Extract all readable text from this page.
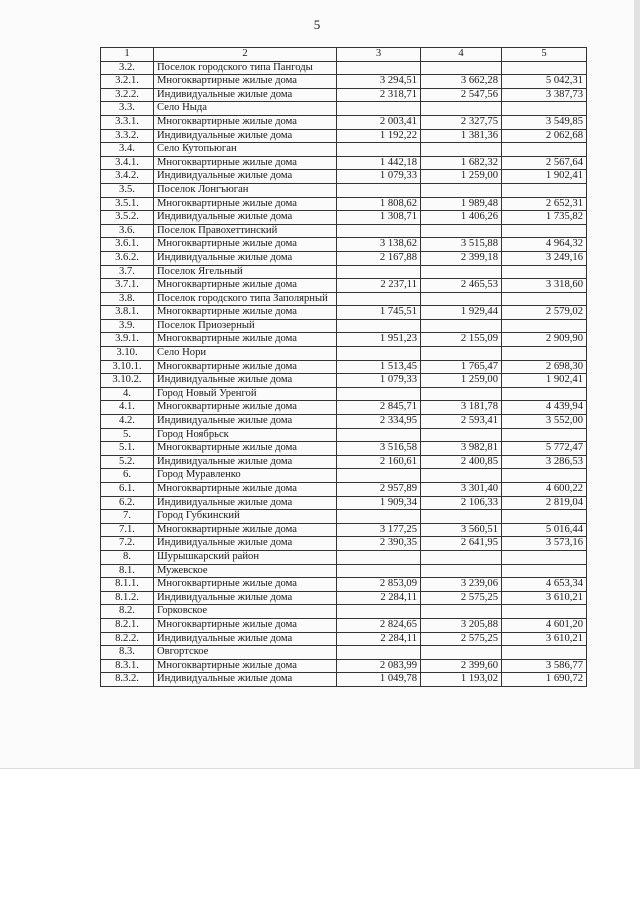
5
1	2	3	4	5
3.2.	Поселок городского типа Пангоды			
3.2.1.	Многоквартирные жилые дома	3 294,51	3 662,28	5 042,31
3.2.2.	Индивидуальные жилые дома	2 318,71	2 547,56	3 387,73
3.3.	Село Ныда			
3.3.1.	Многоквартирные жилые дома	2 003,41	2 327,75	3 549,85
3.3.2.	Индивидуальные жилые дома	1 192,22	1 381,36	2 062,68
3.4.	Село Кутопьюган			
3.4.1.	Многоквартирные жилые дома	1 442,18	1 682,32	2 567,64
3.4.2.	Индивидуальные жилые дома	1 079,33	1 259,00	1 902,41
3.5.	Поселок Лонгъюган			
3.5.1.	Многоквартирные жилые дома	1 808,62	1 989,48	2 652,31
3.5.2.	Индивидуальные жилые дома	1 308,71	1 406,26	1 735,82
3.6.	Поселок Правохеттинский			
3.6.1.	Многоквартирные жилые дома	3 138,62	3 515,88	4 964,32
3.6.2.	Индивидуальные жилые дома	2 167,88	2 399,18	3 249,16
3.7.	Поселок Ягельный			
3.7.1.	Многоквартирные жилые дома	2 237,11	2 465,53	3 318,60
3.8.	Поселок городского типа Заполярный			
3.8.1.	Многоквартирные жилые дома	1 745,51	1 929,44	2 579,02
3.9.	Поселок Приозерный			
3.9.1.	Многоквартирные жилые дома	1 951,23	2 155,09	2 909,90
3.10.	Село Нори			
3.10.1.	Многоквартирные жилые дома	1 513,45	1 765,47	2 698,30
3.10.2.	Индивидуальные жилые дома	1 079,33	1 259,00	1 902,41
4.	Город Новый Уренгой			
4.1.	Многоквартирные жилые дома	2 845,71	3 181,78	4 439,94
4.2.	Индивидуальные жилые дома	2 334,95	2 593,41	3 552,00
5.	Город Ноябрьск			
5.1.	Многоквартирные жилые дома	3 516,58	3 982,81	5 772,47
5.2.	Индивидуальные жилые дома	2 160,61	2 400,85	3 286,53
6.	Город Муравленко			
6.1.	Многоквартирные жилые дома	2 957,89	3 301,40	4 600,22
6.2.	Индивидуальные жилые дома	1 909,34	2 106,33	2 819,04
7.	Город Губкинский			
7.1.	Многоквартирные жилые дома	3 177,25	3 560,51	5 016,44
7.2.	Индивидуальные жилые дома	2 390,35	2 641,95	3 573,16
8.	Шурышкарский район			
8.1.	Мужевское			
8.1.1.	Многоквартирные жилые дома	2 853,09	3 239,06	4 653,34
8.1.2.	Индивидуальные жилые дома	2 284,11	2 575,25	3 610,21
8.2.	Горковское			
8.2.1.	Многоквартирные жилые дома	2 824,65	3 205,88	4 601,20
8.2.2.	Индивидуальные жилые дома	2 284,11	2 575,25	3 610,21
8.3.	Овгортское			
8.3.1.	Многоквартирные жилые дома	2 083,99	2 399,60	3 586,77
8.3.2.	Индивидуальные жилые дома	1 049,78	1 193,02	1 690,72
